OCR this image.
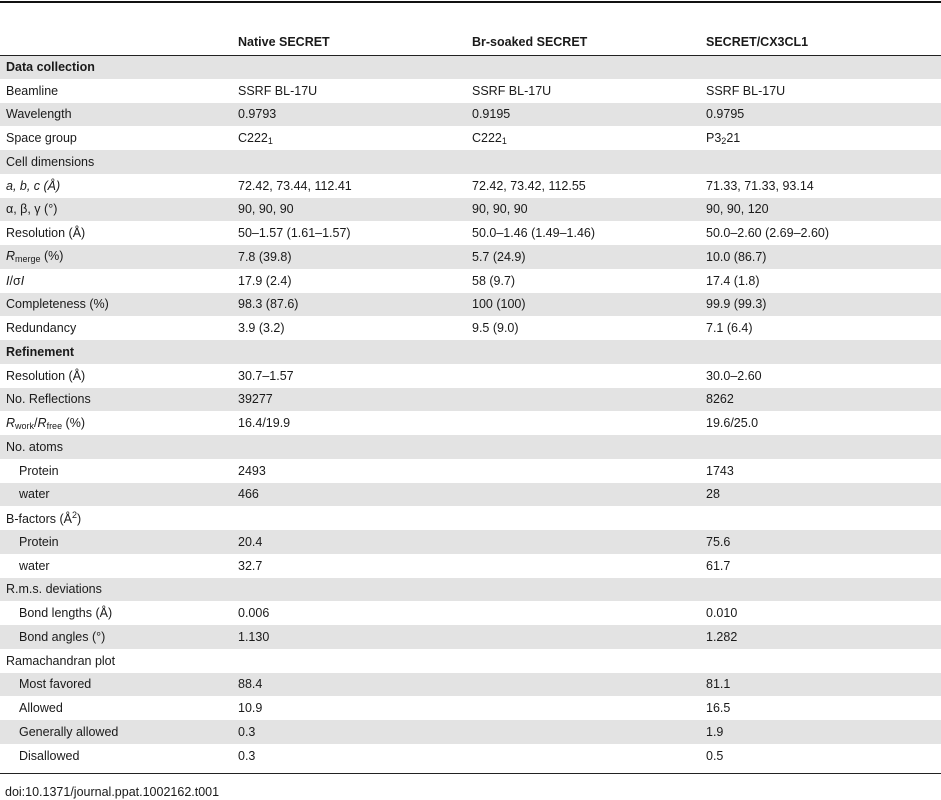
	Native SECRET	Br-soaked SECRET	SECRET/CX3CL1
Data collection			
Beamline	SSRF BL-17U	SSRF BL-17U	SSRF BL-17U
Wavelength	0.9793	0.9195	0.9795
Space group	$C222_1$	$C222_1$	$P3_221$
Cell dimensions			
a, b, c (Å)	72.42, 73.44, 112.41	72.42, 73.42, 112.55	71.33, 71.33, 93.14
α, β, γ (°)	90, 90, 90	90, 90, 90	90, 90, 120
Resolution (Å)	50–1.57 (1.61–1.57)	50.0–1.46 (1.49–1.46)	50.0–2.60 (2.69–2.60)
$R_{merge}$ (%)	7.8 (39.8)	5.7 (24.9)	10.0 (86.7)
I/σI	17.9 (2.4)	58 (9.7)	17.4 (1.8)
Completeness (%)	98.3 (87.6)	100 (100)	99.9 (99.3)
Redundancy	3.9 (3.2)	9.5 (9.0)	7.1 (6.4)
Refinement			
Resolution (Å)	30.7–1.57		30.0–2.60
No. Reflections	39277		8262
$R_{work}/R_{free}$ (%)	16.4/19.9		19.6/25.0
No. atoms			
Protein	2493		1743
water	466		28
B-factors $(Å^2)$			
Protein	20.4		75.6
water	32.7		61.7
R.m.s. deviations			
Bond lengths (Å)	0.006		0.010
Bond angles (°)	1.130		1.282
Ramachandran plot			
Most favored	88.4		81.1
Allowed	10.9		16.5
Generally allowed	0.3		1.9
Disallowed	0.3		0.5
doi:10.1371/journal.ppat.1002162.t001
